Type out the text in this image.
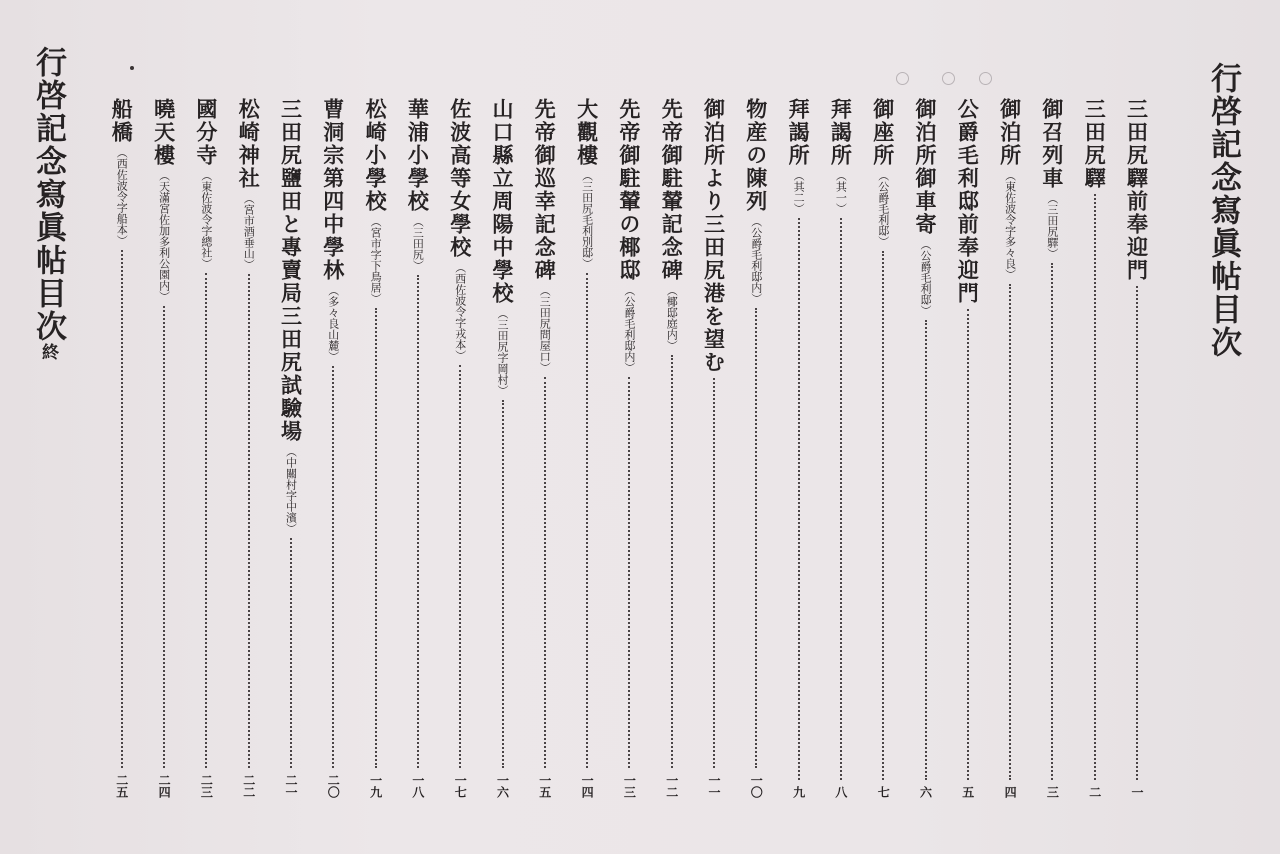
行啓記念寫眞帖目次
行啓記念寫眞帖目次終
三田尻驛前奉迎門
一
三田尻驛
二
御召列車
（三田尻驛）
三
御泊所
（東佐波令字多々良）
四
公爵毛利邸前奉迎門
五
御泊所御車寄
（公爵毛利邸）
六
御座所
（公爵毛利邸）
七
拜謁所
（其一）
八
拜謁所
（其二）
九
物産の陳列
（公爵毛利邸内）
一〇
御泊所より三田尻港を望む
一一
先帝御駐輦記念碑
（椰邸庭内）
一二
先帝御駐輦の椰邸
（公爵毛利邸内）
一三
大觀樓
（三田尻毛利別邸）
一四
先帝御巡幸記念碑
（三田尻問屋口）
一五
山口縣立周陽中學校
（三田尻字岡村）
一六
佐波高等女學校
（西佐波令字戎本）
一七
華浦小學校
（三田尻）
一八
松崎小學校
（宮市字下鳥居）
一九
曹洞宗第四中學林
（多々良山麓）
二〇
三田尻鹽田と專賣局三田尻試驗場
（中關村字中濱）
二一
松崎神社
（宮市酒垂山）
二二
國分寺
（東佐波令字總社）
二三
曉天樓
（天滿宮佐加多利公園内）
二四
船橋
（西佐波令字船本）
二五
